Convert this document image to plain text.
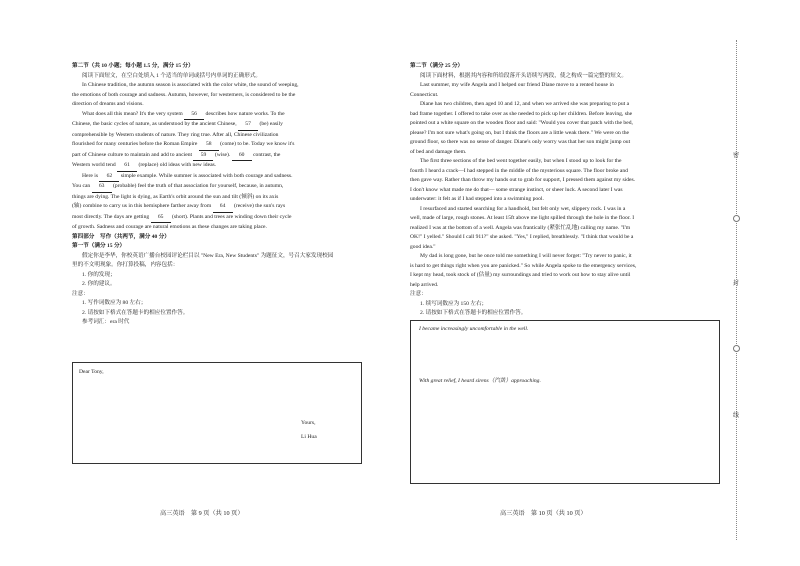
第二节（共 10 小题；每小题 1.5 分，满分 15 分）
阅读下面短文，在空白处填入 1 个适当的单词或括号内单词的正确形式。
In Chinese tradition, the autumn season is associated with the color white, the sound of weeping,
the emotions of both courage and sadness. Autumn, however, for westerners, is considered to be the
direction of dreams and visions.
What does all this mean? It's the very system 56 describes how nature works. To the
Chinese, the basic cycles of nature, as understood by the ancient Chinese, 57 (be) easily
comprehensible by Western students of nature. They ring true. After all, Chinese civilization
flourished for many centuries before the Roman Empire 58 (come) to be. Today we know it's
part of Chinese culture to maintain and add to ancient 59 (wise). 60 contrast, the
Western world tend 61 (replace) old ideas with new ideas.
Here is 62 simple example. While summer is associated with both courage and sadness.
You can 63 (probable) feel the truth of that association for yourself, because, in autumn,
things are dying. The light is dying, as Earth's orbit around the sun and tilt (倾斜) on its axis
(轴) combine to carry us in this hemisphere farther away from 64 (receive) the sun's rays
most directly. The days are getting 65 (short). Plants and trees are winding down their cycle
of growth. Sadness and courage are natural emotions as these changes are taking place.
第四部分　写作（共两节，满分 40 分）
第一节（满分 15 分）
假定你是李华，你校英语广播台校园评论栏目以 "New Era, New Students" 为题征文，号召大家发现校园
里的不文明现象。你打算投稿，内容包括：
1. 你的发现；
2. 你的建议。
注意：
1. 写作词数应为 80 左右；
2. 请按如下格式在答题卡的相应位置作答。
参考词汇：era 时代
Dear Tony,
Yours,
Li Hua
高三英语　第 9 页（共 10 页）
第二节（满分 25 分）
阅读下面材料，根据其内容和所给段落开头语续写两段，使之构成一篇完整的短文。
Last summer, my wife Angela and I helped our friend Diane move to a rented house in
Connecticut.
Diane has two children, then aged 10 and 12, and when we arrived she was preparing to put a
bad frame together. I offered to take over as she needed to pick up her children. Before leaving, she
pointed out a white square on the wooden floor and said: "Would you cover that patch with the bed,
please? I'm not sure what's going on, but I think the floors are a little weak there." We were on the
ground floor, so there was no sense of danger. Diane's only worry was that her son might jump out
of bed and damage them.
The first three sections of the bed went together easily, but when I stood up to look for the
fourth I heard a crack—I had stepped in the middle of the mysterious square. The floor broke and
then gave way. Rather than throw my hands out to grab for support, I pressed them against my sides.
I don't know what made me do that— some strange instinct, or sheer luck. A second later I was
underwater: it felt as if I had stepped into a swimming pool.
I resurfaced and started searching for a handhold, but felt only wet, slippery rock. I was in a
well, made of large, rough stones. At least 15ft above me light spilled through the hole in the floor. I
realized I was at the bottom of a well. Angela was frantically (紧张忙乱地) calling my name. "I'm
OK!" I yelled." Should I call 911?" she asked. "Yes," I replied, breathlessly. "I think that would be a
good idea."
My dad is long gone, but he once told me something I will never forget: "Try never to panic, it
is hard to get things right when you are panicked." So while Angela spoke to the emergency services,
I kept my head, took stock of (估量) my surroundings and tried to work out how to stay alive until
help arrived.
注意：
1. 续写词数应为 150 左右；
2. 请按如下格式在答题卡的相应位置作答。
I became increasingly uncomfortable in the well.
With great relief, I heard sirens（汽笛）approaching.
高三英语　第 10 页（共 10 页）
密
封
线
